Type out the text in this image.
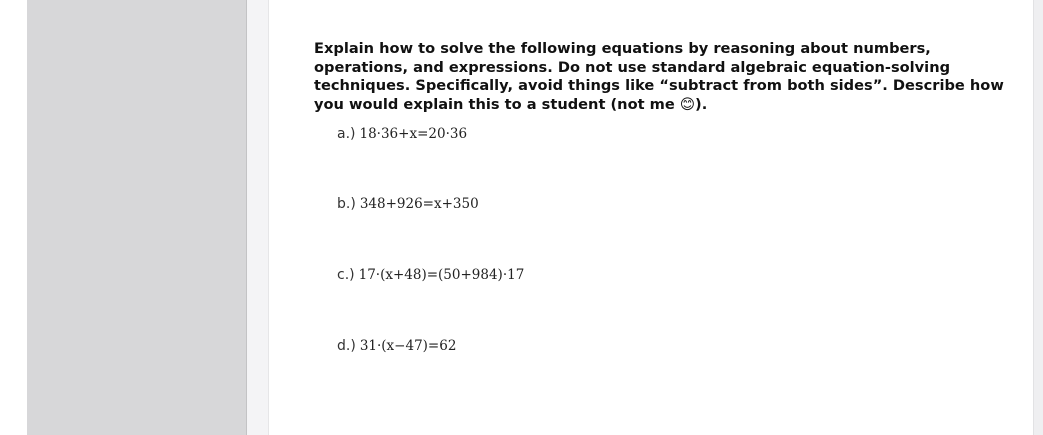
Explain how to solve the following equations by reasoning about numbers, operations, and expressions. Do not use standard algebraic equation-solving techniques. Specifically, avoid things like “subtract from both sides”. Describe how you would explain this to a student (not me 😊).

a.) 18·36+x=20·36
b.) 348+926=x+350
c.) 17·(x+48)=(50+984)·17
d.) 31·(x−47)=62
